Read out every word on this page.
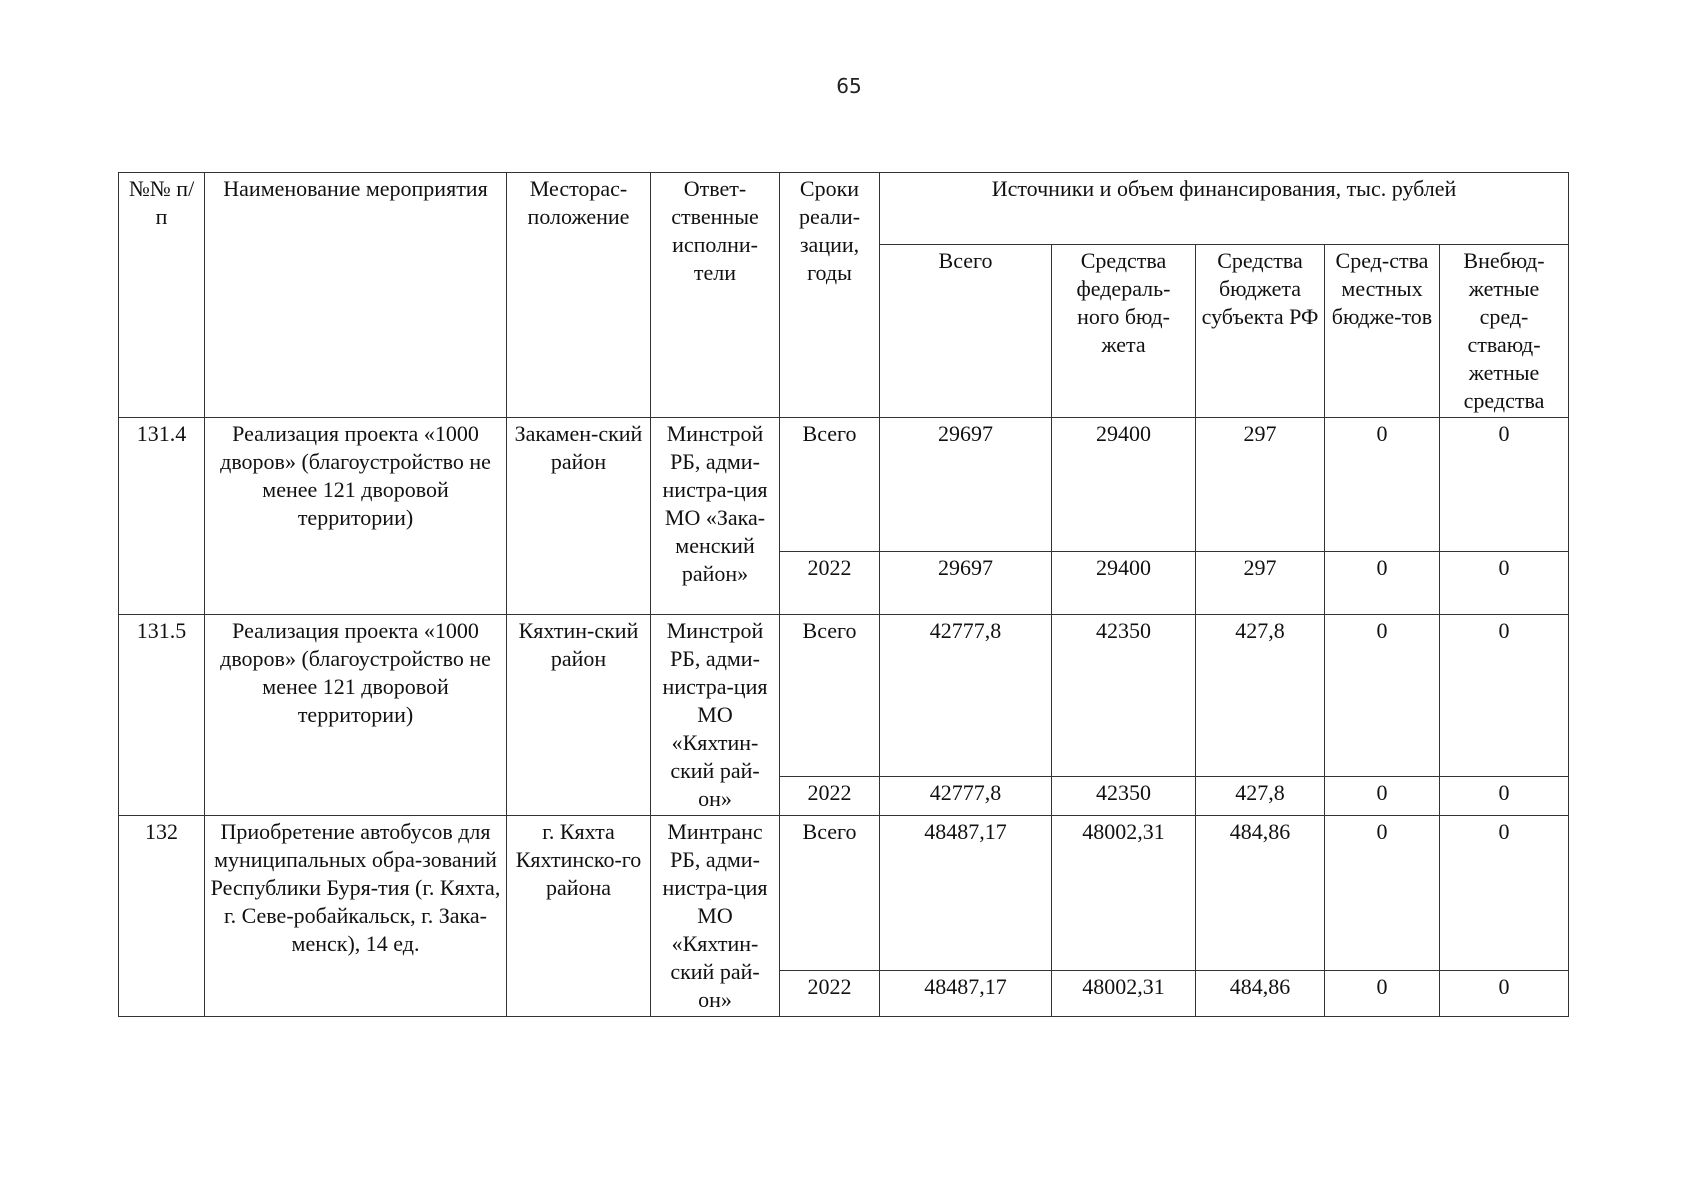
65
№№ п/п	Наименование мероприятия	Месторас-положение	Ответ-ственные исполни-тели	Сроки реали-зации, годы	Источники и объем финансирования, тыс. рублей				
					Всего	Средства федераль-ного бюд-жета	Средства бюджета субъекта РФ	Сред-ства местных бюдже-тов	Внебюд-жетные сред-стваюд-жетные средства
131.4	Реализация проекта «1000 дворов» (благоустройство не менее 121 дворовой территории)	Закамен-ский район	Минстрой РБ, адми-нистра-ция МО «Зака-менский район»	Всего	29697	29400	297	0	0
				2022	29697	29400	297	0	0
131.5	Реализация проекта «1000 дворов» (благоустройство не менее 121 дворовой территории)	Кяхтин-ский район	Минстрой РБ, адми-нистра-ция МО «Кяхтин-ский рай-он»	Всего	42777,8	42350	427,8	0	0
				2022	42777,8	42350	427,8	0	0
132	Приобретение автобусов для муниципальных обра-зований Республики Буря-тия (г. Кяхта, г. Севе-робайкальск, г. Зака-менск), 14 ед.	г. Кяхта Кяхтинско-го района	Минтранс РБ, адми-нистра-ция МО «Кяхтин-ский рай-он»	Всего	48487,17	48002,31	484,86	0	0
				2022	48487,17	48002,31	484,86	0	0
